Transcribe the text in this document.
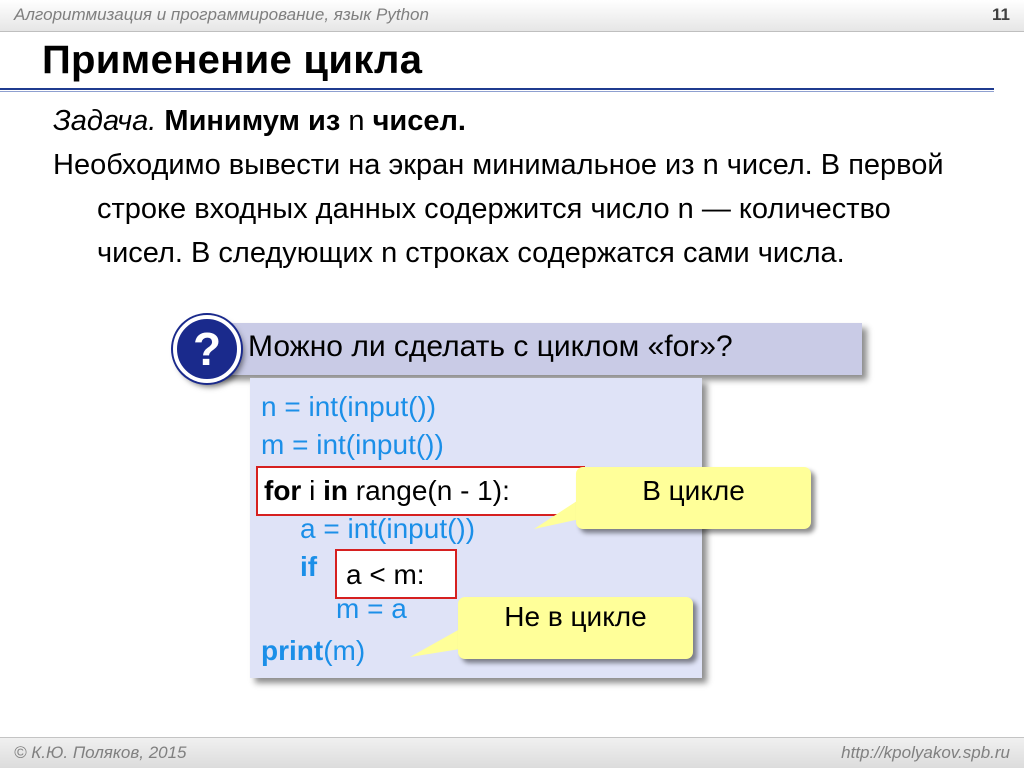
Алгоритмизация и программирование, язык Python	11
Применение цикла
Задача. Минимум из n чисел.
Необходимо вывести на экран минимальное из n чисел. В первой строке входных данных содержится число n — количество чисел. В следующих n строках содержатся сами числа.
Можно ли сделать с циклом «for»?
?
n = int(input())
m = int(input())
for i in range(n - 1):
a = int(input())
if a < m:
m = a
print(m)
В цикле
Не в цикле
© К.Ю. Поляков, 2015	http://kpolyakov.spb.ru
